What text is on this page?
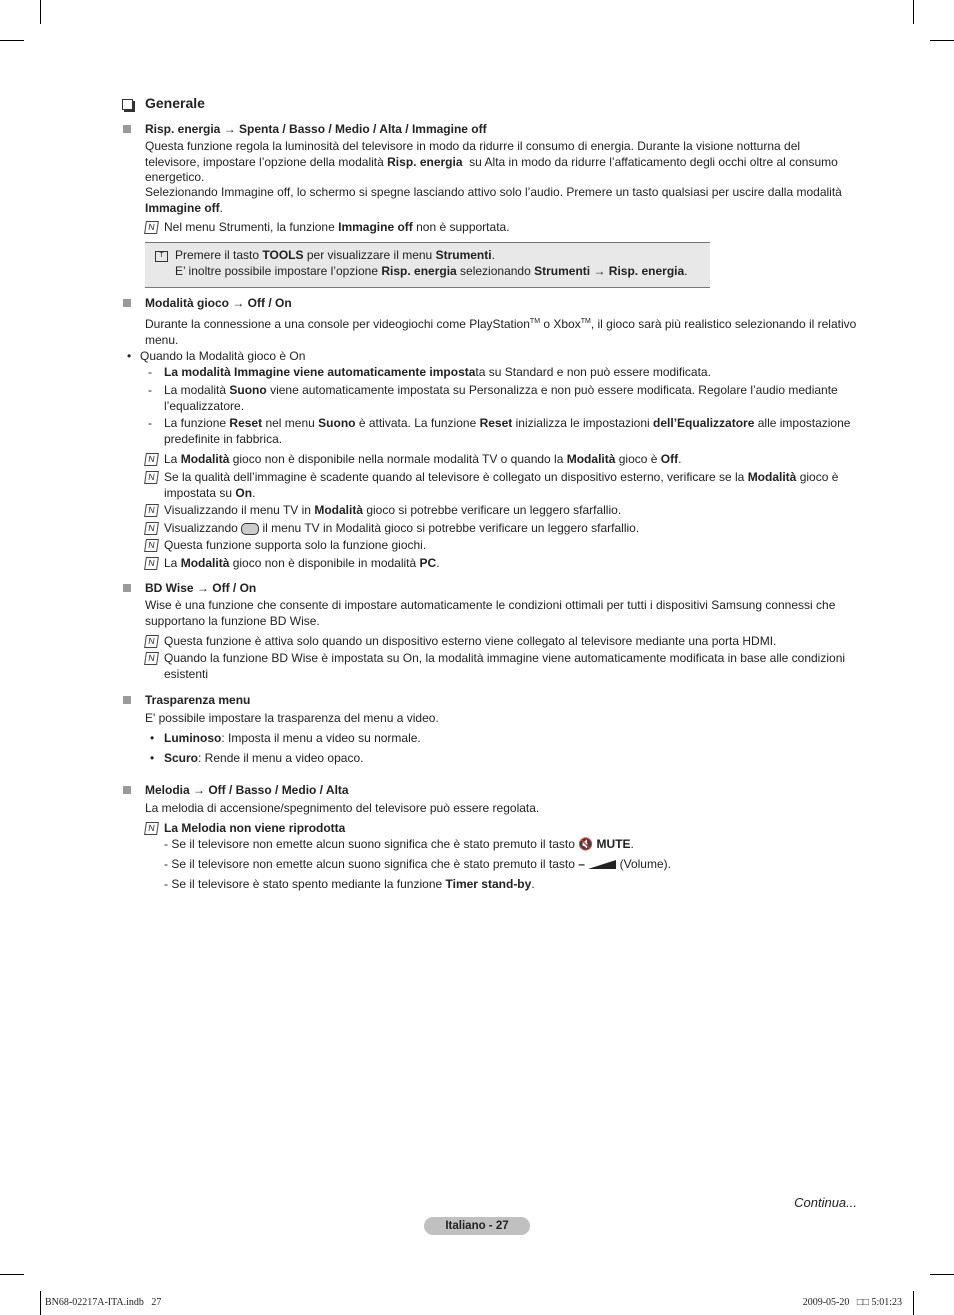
Generale
Risp. energia → Spenta / Basso / Medio / Alta / Immagine off
Questa funzione regola la luminosità del televisore in modo da ridurre il consumo di energia. Durante la visione notturna del televisore, impostare l’opzione della modalità Risp. energia su Alta in modo da ridurre l’affaticamento degli occhi oltre al consumo energetico.
Selezionando Immagine off, lo schermo si spegne lasciando attivo solo l’audio. Premere un tasto qualsiasi per uscire dalla modalità Immagine off.
N Nel menu Strumenti, la funzione Immagine off non è supportata.
T Premere il tasto TOOLS per visualizzare il menu Strumenti.
E’ inoltre possibile impostare l’opzione Risp. energia selezionando Strumenti → Risp. energia.
Modalità gioco → Off / On
Durante la connessione a una console per videogiochi come PlayStation™ o Xbox™, il gioco sarà più realistico selezionando il relativo menu.
• Quando la Modalità gioco è On
- La modalità Immagine viene automaticamente impostata su Standard e non può essere modificata.
- La modalità Suono viene automaticamente impostata su Personalizza e non può essere modificata. Regolare l’audio mediante l’equalizzatore.
- La funzione Reset nel menu Suono è attivata. La funzione Reset inizializza le impostazioni dell’Equalizzatore alle impostazione predefinite in fabbrica.
N La Modalità gioco non è disponibile nella normale modalità TV o quando la Modalità gioco è Off.
N Se la qualità dell’immagine è scadente quando al televisore è collegato un dispositivo esterno, verificare se la Modalità gioco è impostata su On.
N Visualizzando il menu TV in Modalità gioco si potrebbe verificare un leggero sfarfallio.
N Visualizzando il menu TV in Modalità gioco si potrebbe verificare un leggero sfarfallio.
N Questa funzione supporta solo la funzione giochi.
N La Modalità gioco non è disponibile in modalità PC.
BD Wise → Off / On
Wise è una funzione che consente di impostare automaticamente le condizioni ottimali per tutti i dispositivi Samsung connessi che supportano la funzione BD Wise.
N Questa funzione è attiva solo quando un dispositivo esterno viene collegato al televisore mediante una porta HDMI.
N Quando la funzione BD Wise è impostata su On, la modalità immagine viene automaticamente modificata in base alle condizioni esistenti
Trasparenza menu
E' possibile impostare la trasparenza del menu a video.
• Luminoso: Imposta il menu a video su normale.
• Scuro: Rende il menu a video opaco.
Melodia → Off / Basso / Medio / Alta
La melodia di accensione/spegnimento del televisore può essere regolata.
N La Melodia non viene riprodotta
- Se il televisore non emette alcun suono significa che è stato premuto il tasto 🔇 MUTE.
- Se il televisore non emette alcun suono significa che è stato premuto il tasto –	(Volume).
- Se il televisore è stato spento mediante la funzione Timer stand-by.
Continua...
Italiano - 27
BN68-02217A-ITA.indb   27	2009-05-20   □□ 5:01:23
